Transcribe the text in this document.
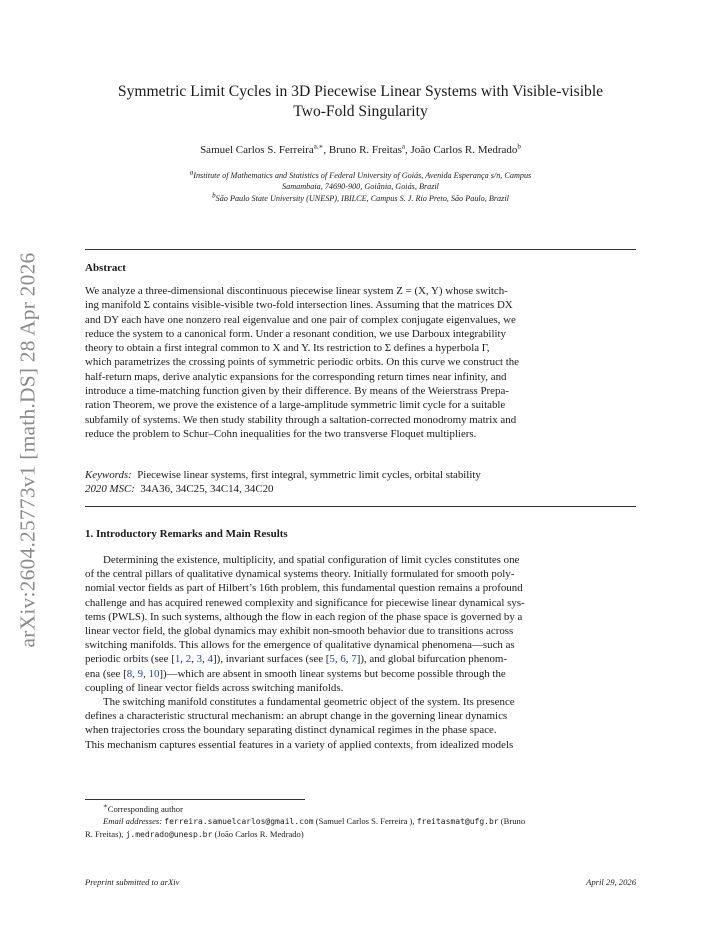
arXiv:2604.25773v1 [math.DS] 28 Apr 2026
Symmetric Limit Cycles in 3D Piecewise Linear Systems with Visible-visible
Two-Fold Singularity
Samuel Carlos S. Ferreira$^{a,∗}$, Bruno R. Freitas$^a$, João Carlos R. Medrado$^b$
$^a$Institute of Mathematics and Statistics of Federal University of Goiás, Avenida Esperança s/n, Campus
Samambaia, 74690-900, Goiânia, Goiás, Brazil
$^b$São Paulo State University (UNESP), IBILCE, Campus S. J. Rio Preto, São Paulo, Brazil
Abstract
We analyze a three-dimensional discontinuous piecewise linear system Z = (X, Y) whose switch-
ing manifold Σ contains visible-visible two-fold intersection lines. Assuming that the matrices DX
and DY each have one nonzero real eigenvalue and one pair of complex conjugate eigenvalues, we
reduce the system to a canonical form. Under a resonant condition, we use Darboux integrability
theory to obtain a first integral common to X and Y. Its restriction to Σ defines a hyperbola Γ,
which parametrizes the crossing points of symmetric periodic orbits. On this curve we construct the
half-return maps, derive analytic expansions for the corresponding return times near infinity, and
introduce a time-matching function given by their difference. By means of the Weierstrass Prepa-
ration Theorem, we prove the existence of a large-amplitude symmetric limit cycle for a suitable
subfamily of systems. We then study stability through a saltation-corrected monodromy matrix and
reduce the problem to Schur–Cohn inequalities for the two transverse Floquet multipliers.
Keywords: Piecewise linear systems, first integral, symmetric limit cycles, orbital stability
2020 MSC: 34A36, 34C25, 34C14, 34C20
1. Introductory Remarks and Main Results

Determining the existence, multiplicity, and spatial configuration of limit cycles constitutes one

of the central pillars of qualitative dynamical systems theory. Initially formulated for smooth poly-
nomial vector fields as part of Hilbert’s 16th problem, this fundamental question remains a profound
challenge and has acquired renewed complexity and significance for piecewise linear dynamical sys-
tems (PWLS). In such systems, although the flow in each region of the phase space is governed by a
linear vector field, the global dynamics may exhibit non-smooth behavior due to transitions across
switching manifolds. This allows for the emergence of qualitative dynamical phenomena—such as
periodic orbits (see [1, 2, 3, 4]), invariant surfaces (see [5, 6, 7]), and global bifurcation phenom-
ena (see [8, 9, 10])—which are absent in smooth linear systems but become possible through the
coupling of linear vector fields across switching manifolds.

The switching manifold constitutes a fundamental geometric object of the system. Its presence

defines a characteristic structural mechanism: an abrupt change in the governing linear dynamics
when trajectories cross the boundary separating distinct dynamical regimes in the phase space.
This mechanism captures essential features in a variety of applied contexts, from idealized models
∗Corresponding author
Email addresses: ferreira.samuelcarlos@gmail.com (Samuel Carlos S. Ferreira ), freitasmat@ufg.br (Bruno
R. Freitas), j.medrado@unesp.br (João Carlos R. Medrado)
Preprint submitted to arXiv	April 29, 2026
